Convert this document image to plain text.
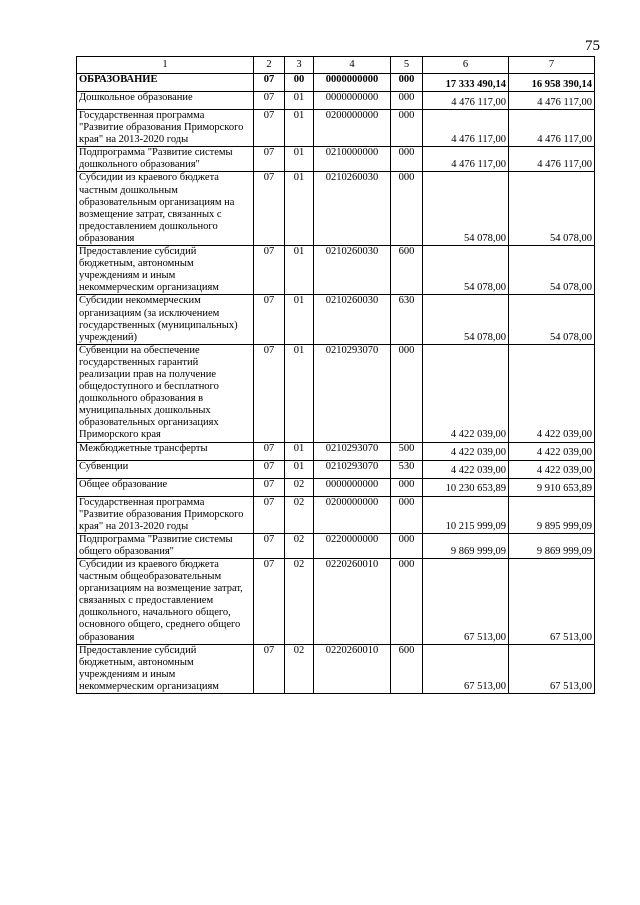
75
1	2	3	4	5	6	7
ОБРАЗОВАНИЕ	07	00	0000000000	000	17 333 490,14	16 958 390,14
Дошкольное образование	07	01	0000000000	000	4 476 117,00	4 476 117,00
Государственная программа "Развитие образования Приморского края" на 2013-2020 годы	07	01	0200000000	000	4 476 117,00	4 476 117,00
Подпрограмма "Развитие системы дошкольного образования"	07	01	0210000000	000	4 476 117,00	4 476 117,00
Субсидии из краевого бюджета частным дошкольным образовательным организациям на возмещение затрат, связанных с предоставлением дошкольного образования	07	01	0210260030	000	54 078,00	54 078,00
Предоставление субсидий бюджетным, автономным учреждениям и иным некоммерческим организациям	07	01	0210260030	600	54 078,00	54 078,00
Субсидии некоммерческим организациям (за исключением государственных (муниципальных) учреждений)	07	01	0210260030	630	54 078,00	54 078,00
Субвенции на обеспечение государственных гарантий реализации прав на получение общедоступного и бесплатного дошкольного образования в муниципальных дошкольных образовательных организациях Приморского края	07	01	0210293070	000	4 422 039,00	4 422 039,00
Межбюджетные трансферты	07	01	0210293070	500	4 422 039,00	4 422 039,00
Субвенции	07	01	0210293070	530	4 422 039,00	4 422 039,00
Общее образование	07	02	0000000000	000	10 230 653,89	9 910 653,89
Государственная программа "Развитие образования Приморского края" на 2013-2020 годы	07	02	0200000000	000	10 215 999,09	9 895 999,09
Подпрограмма "Развитие системы общего образования"	07	02	0220000000	000	9 869 999,09	9 869 999,09
Субсидии из краевого бюджета частным общеобразовательным организациям на возмещение затрат, связанных с предоставлением дошкольного, начального общего, основного общего, среднего общего образования	07	02	0220260010	000	67 513,00	67 513,00
Предоставление субсидий бюджетным, автономным учреждениям и иным некоммерческим организациям	07	02	0220260010	600	67 513,00	67 513,00
